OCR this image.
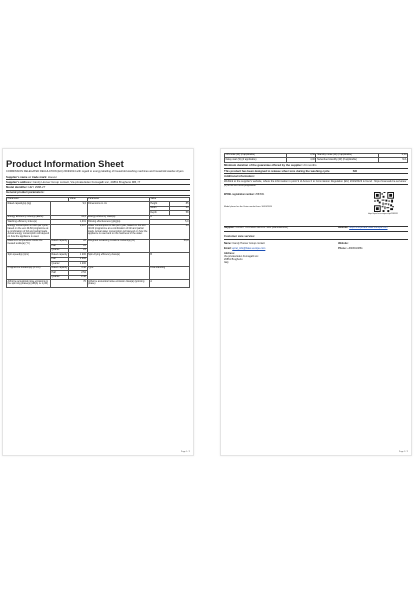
Product Information Sheet
COMMISSION DELEGATED REGULATION (EU) 2019/2014 with regard to energy labelling of household washing machines and household washer-dryers
Supplier's name or trade mark: Hoover
Supplier's address: Candy Hoover Group contact, Via privata Eden Fumagalli snc, 20861 Brugherio MB, IT
Model identifier: HEY 2988-2T
General product parameters:
Parameter		Value	Parameter	Value	
Rated capacity(a) (kg)	9,0		Dimensions in cm	Height	85
				Width	60
				Depth	58
Energy Efficiency Index(a) (EEIw)	41,6		Energy efficiency class(a)	A	
Washing efficiency index(a)	1,031		Rinsing effectiveness (g/kg)(a)	5,0	
Energy consumption in kWh per cycle, based on the eco 40-60 programme at a combination of full and partial loads. Actual energy consumption will depend on how the appliance is used.	0,397		Water consumption in litre per cycle, based on the eco 40-60 programme at a combination of full and partial loads. Actual water consumption will depend on how the appliance is used and on the hardness of the water.	44	
Maximum temperature inside the treated textile(a) (°C)	Rated capacity	28	Weighted remaining moisture content(a) (%)	53,9	
	Half	26			
	Quarter	25			
Spin speed(a) (rpm)	Rated capacity	1 200	Spin-drying efficiency class(a)	B	
	Half	1 200			
	Quarter	1 200			
Programme duration(a) (h:min)	Rated capacity	3:48	Type	Free-standing	
	Half	2:52			
	Quarter	2:48			
Airborne acoustical noise emissions in the spinning phase(a) (dB(A) re 1 pW)	70		Airborne acoustical noise emission class(a) (spinning phase)	A	
Page 1 / 2
Off-mode (W) (if applicable)	0,50	Standby mode (W) (if applicable)	0,50
Delay start (W) (if applicable)	4,00	Networked standby (W) (if applicable)	N/A
Minimum duration of the guarantee offered by the supplier: 24 months
This product has been designed to release silver ions during the washing cycle	NO
Additional information:
Weblink to the supplier's website, where the information in point 9 of Annex II to Commission Regulation (EU) 2019/2023 is found : https://manuals.he.services/
(a) for the eco 40-60 programme.
EPREL registration number: 2583531
Model placed on the Union market from: 30/03/2026
https://eprel.ec.europa.eu/qr/2583531
Supplier: CANDY HOOVER GROUP SRL (Manufacturer)	Website: https://corporate.haier-europe.com
Customer care service:
Name: Candy Hoover Group contact	Website:
Email: eprel_info@haier-europe.com	Phone: +3903910861
Address:
Via privata Eden Fumagalli snc
20861 Brugherio
Italy
Page 2 / 2
